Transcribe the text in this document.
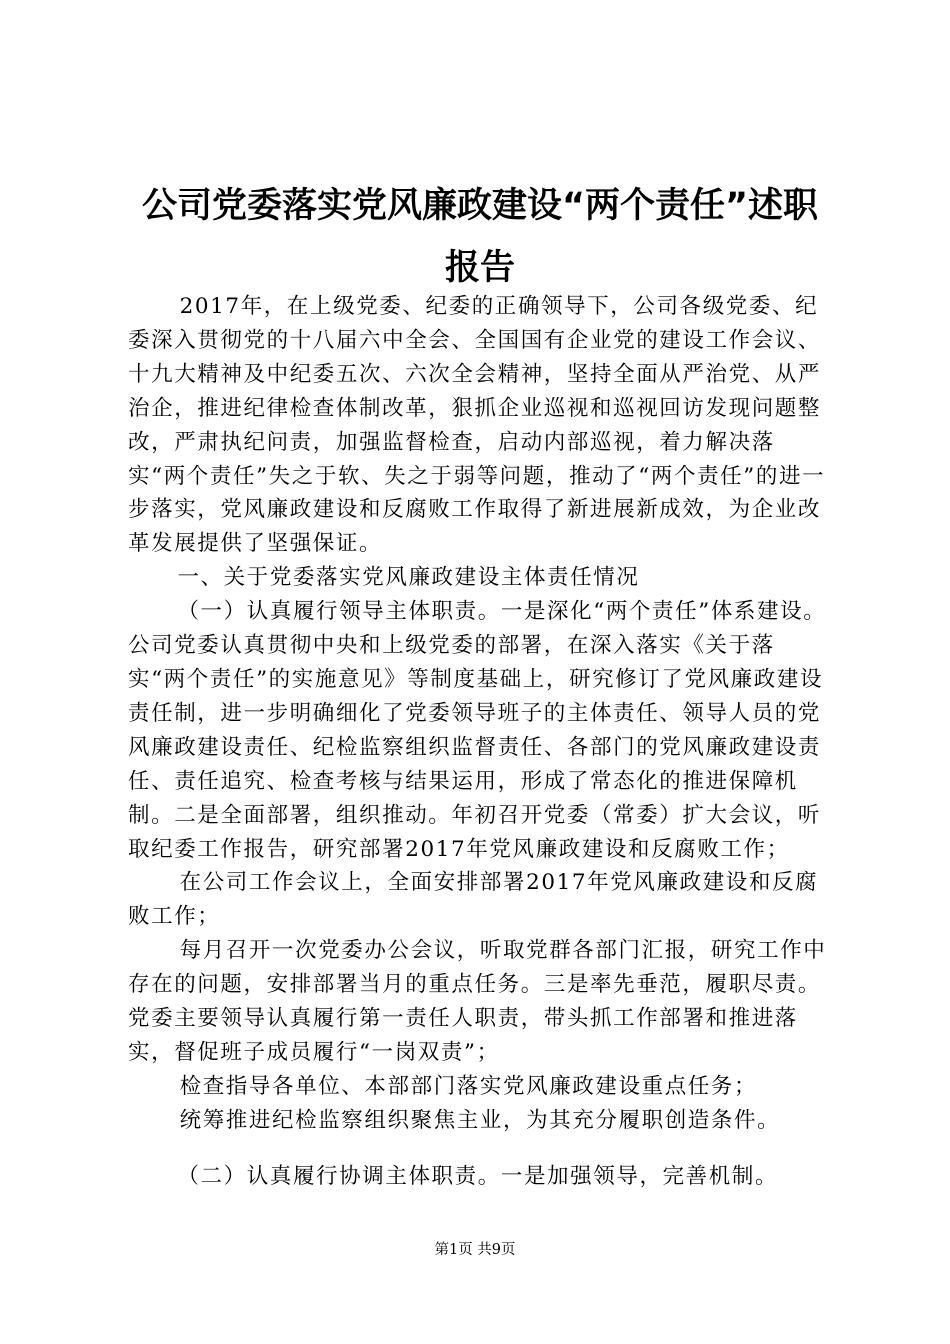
公司党委落实党风廉政建设“两个责任”述职
报告

2017年，在上级党委、纪委的正确领导下，公司各级党委、纪委深入贯彻党的十八届六中全会、全国国有企业党的建设工作会议、十九大精神及中纪委五次、六次全会精神，坚持全面从严治党、从严治企，推进纪律检查体制改革，狠抓企业巡视和巡视回访发现问题整改，严肃执纪问责，加强监督检查，启动内部巡视，着力解决落实“两个责任”失之于软、失之于弱等问题，推动了“两个责任”的进一步落实，党风廉政建设和反腐败工作取得了新进展新成效，为企业改革发展提供了坚强保证。

一、关于党委落实党风廉政建设主体责任情况

（一）认真履行领导主体职责。一是深化“两个责任”体系建设。公司党委认真贯彻中央和上级党委的部署，在深入落实《关于落实“两个责任”的实施意见》等制度基础上，研究修订了党风廉政建设责任制，进一步明确细化了党委领导班子的主体责任、领导人员的党风廉政建设责任、纪检监察组织监督责任、各部门的党风廉政建设责任、责任追究、检查考核与结果运用，形成了常态化的推进保障机制。二是全面部署，组织推动。年初召开党委（常委）扩大会议，听取纪委工作报告，研究部署2017年党风廉政建设和反腐败工作；

在公司工作会议上，全面安排部署2017年党风廉政建设和反腐败工作；

每月召开一次党委办公会议，听取党群各部门汇报，研究工作中存在的问题，安排部署当月的重点任务。三是率先垂范，履职尽责。党委主要领导认真履行第一责任人职责，带头抓工作部署和推进落实，督促班子成员履行“一岗双责”；

检查指导各单位、本部部门落实党风廉政建设重点任务；

统筹推进纪检监察组织聚焦主业，为其充分履职创造条件。

（二）认真履行协调主体职责。一是加强领导，完善机制。

第1页 共9页
